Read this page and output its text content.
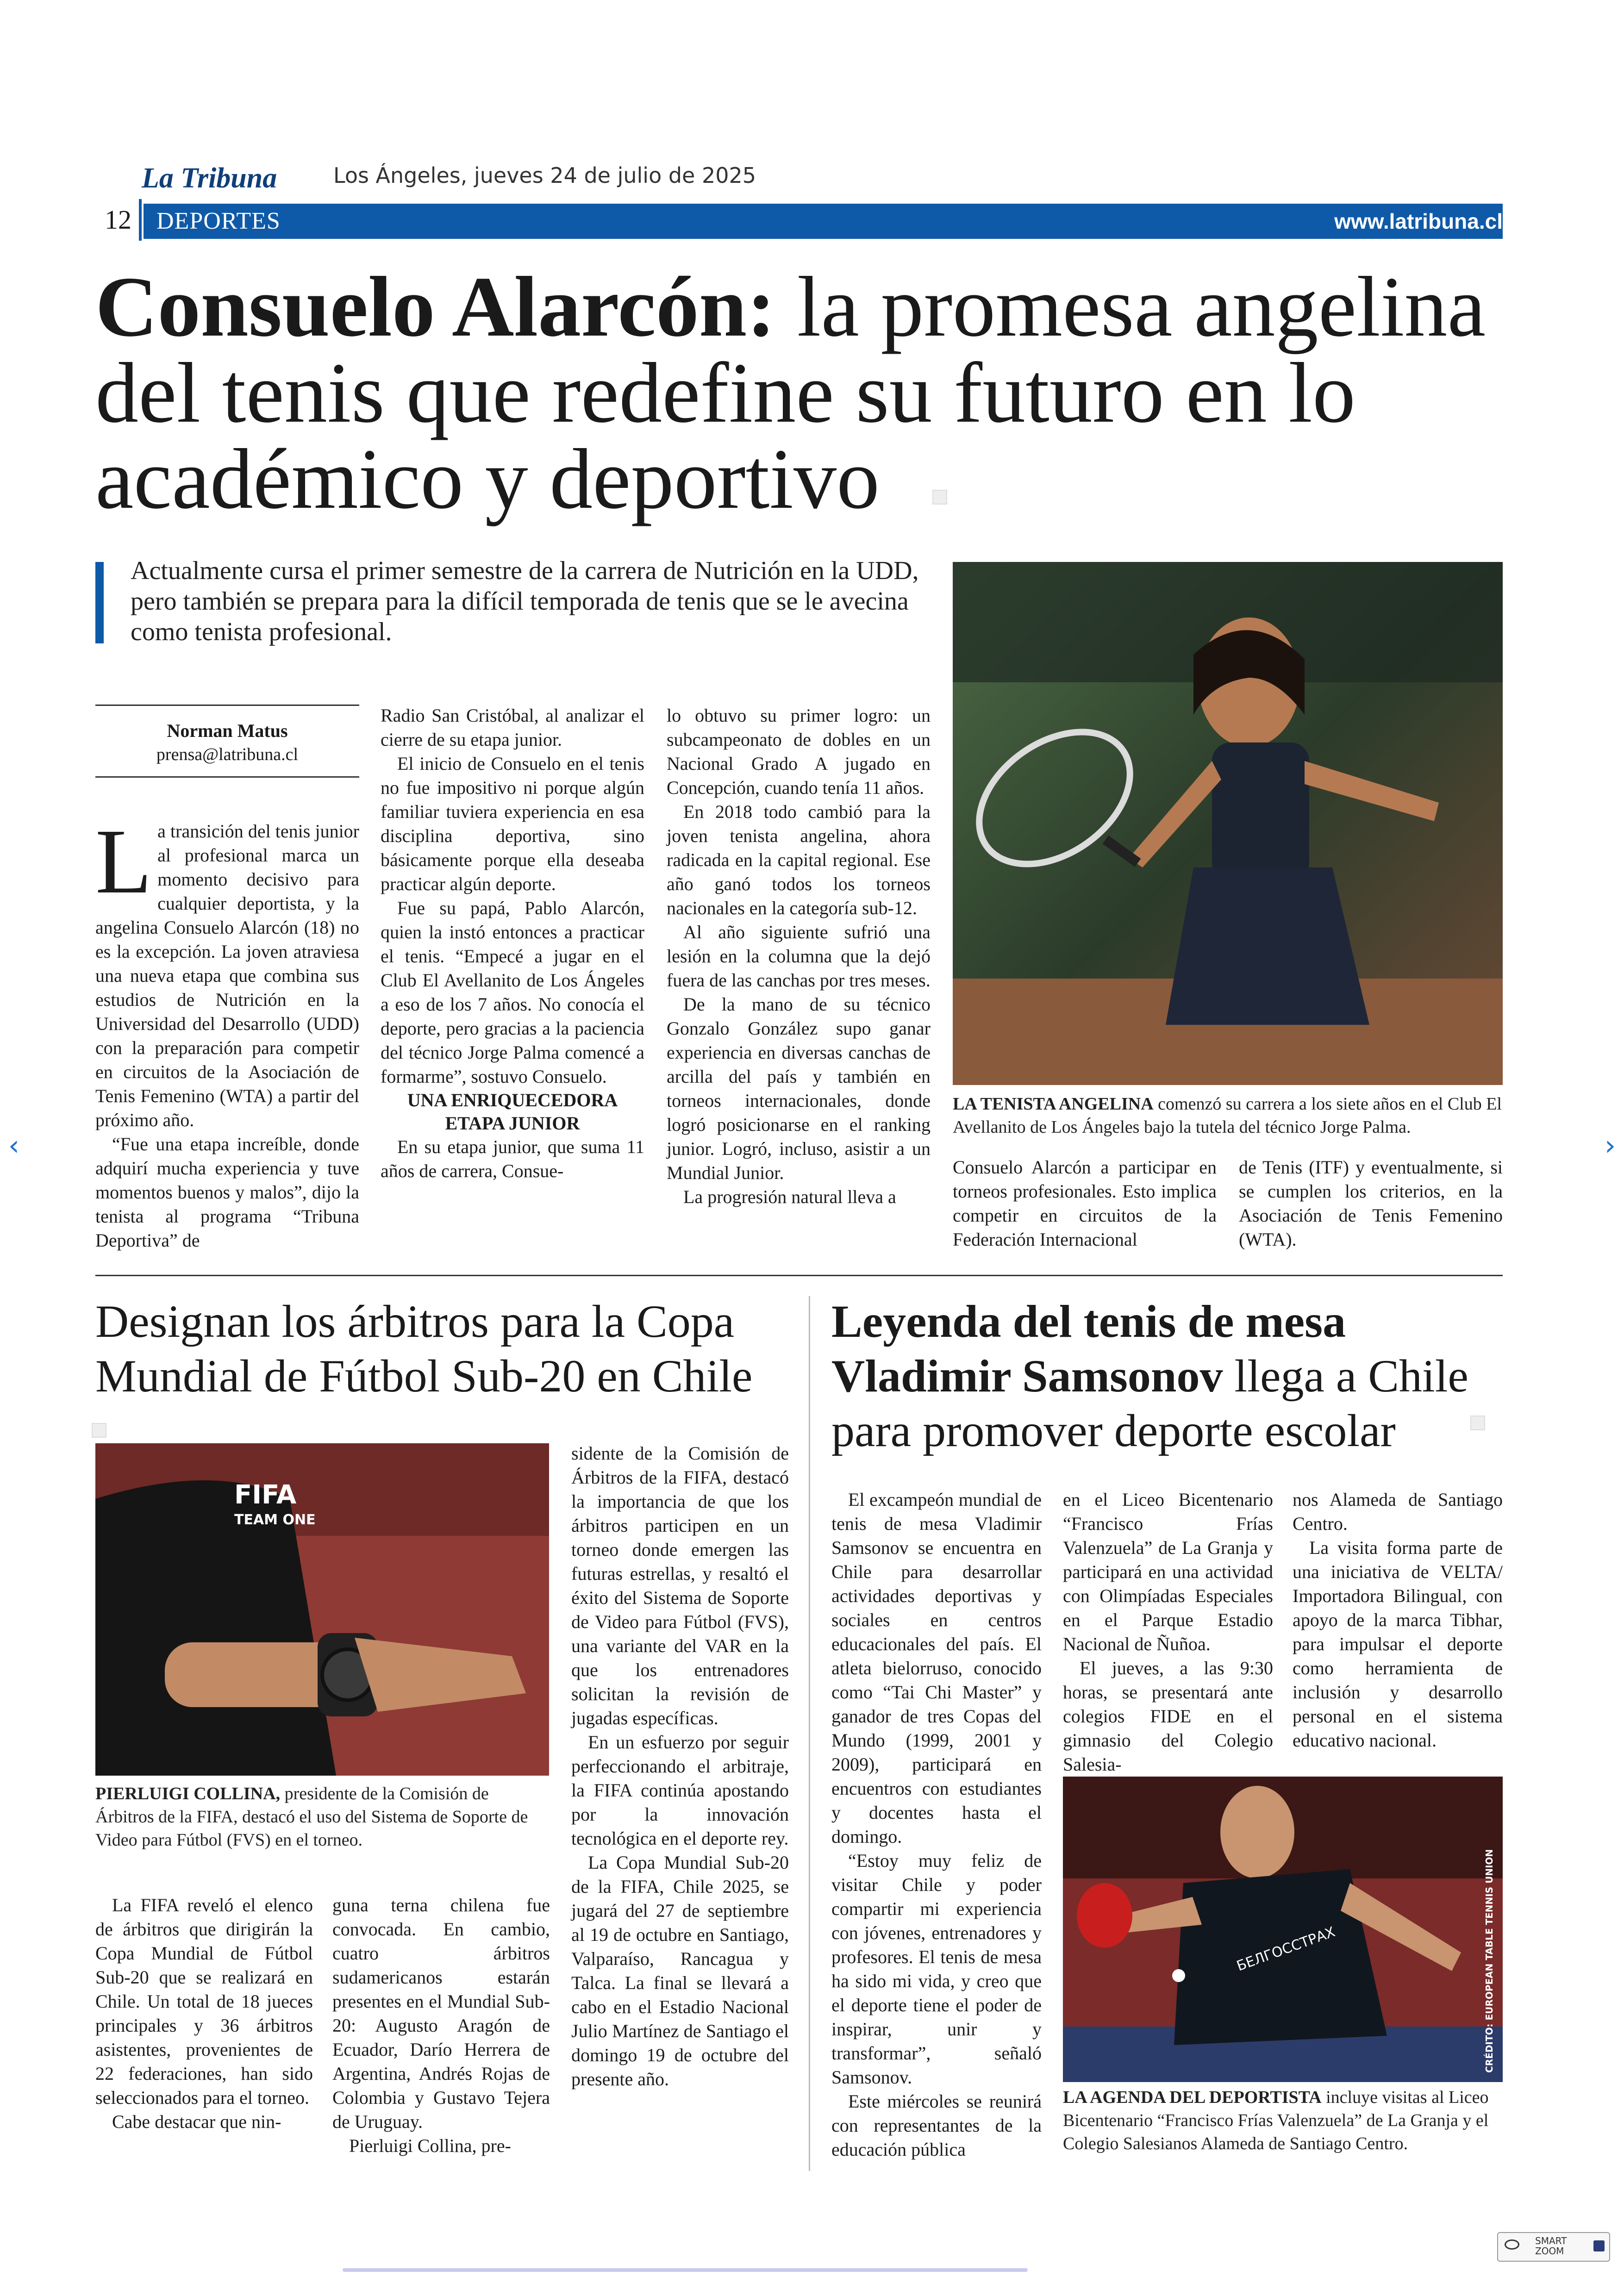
La Tribuna	Los Ángeles, jueves 24 de julio de 2025
12	DEPORTES	www.latribuna.cl
Consuelo Alarcón: la promesa angelina
del tenis que redefine su futuro en lo
académico y deportivo
Actualmente cursa el primer semestre de la carrera de Nutrición en la UDD, pero también se prepara para la difícil temporada de tenis que se le avecina como tenista profesional.
Norman Matus
prensa@latribuna.cl

La transición del tenis junior al profesional marca un momento decisivo para cualquier deportista, y la angelina Consuelo Alarcón (18) no es la excepción. La joven atraviesa una nueva etapa que combina sus estudios de Nutrición en la Universidad del Desarrollo (UDD) con la preparación para competir en circuitos de la Asociación de Tenis Femenino (WTA) a partir del próximo año.

“Fue una etapa increíble, donde adquirí mucha experiencia y tuve momentos buenos y malos”, dijo la tenista al programa “Tribuna Deportiva” de

Radio San Cristóbal, al analizar el cierre de su etapa junior.

El inicio de Consuelo en el tenis no fue impositivo ni porque algún familiar tuviera experiencia en esa disciplina deportiva, sino básicamente porque ella deseaba practicar algún deporte.

Fue su papá, Pablo Alarcón, quien la instó entonces a practicar el tenis. “Empecé a jugar en el Club El Avellanito de Los Ángeles a eso de los 7 años. No conocía el deporte, pero gracias a la paciencia del técnico Jorge Palma comencé a formarme”, sostuvo Consuelo.

UNA ENRIQUECEDORA ETAPA JUNIOR

En su etapa junior, que suma 11 años de carrera, Consue-

lo obtuvo su primer logro: un subcampeonato de dobles en un Nacional Grado A jugado en Concepción, cuando tenía 11 años.

En 2018 todo cambió para la joven tenista angelina, ahora radicada en la capital regional. Ese año ganó todos los torneos nacionales en la categoría sub-12.

Al año siguiente sufrió una lesión en la columna que la dejó fuera de las canchas por tres meses.

De la mano de su técnico Gonzalo González supo ganar experiencia en diversas canchas de arcilla del país y también en torneos internacionales, donde logró posicionarse en el ranking junior. Logró, incluso, asistir a un Mundial Junior.

La progresión natural lleva a

LA TENISTA ANGELINA comenzó su carrera a los siete años en el Club El Avellanito de Los Ángeles bajo la tutela del técnico Jorge Palma.

Consuelo Alarcón a participar en torneos profesionales. Esto implica competir en circuitos de la Federación Internacional

de Tenis (ITF) y eventualmente, si se cumplen los criterios, en la Asociación de Tenis Femenino (WTA).

Designan los árbitros para la Copa
Mundial de Fútbol Sub-20 en Chile
FIFA
TEAM ONE
PIERLUIGI COLLINA, presidente de la Comisión de Árbitros de la FIFA, destacó el uso del Sistema de Soporte de Video para Fútbol (FVS) en el torneo.

La FIFA reveló el elenco de árbitros que dirigirán la Copa Mundial de Fútbol Sub-20 que se realizará en Chile. Un total de 18 jueces principales y 36 árbitros asistentes, provenientes de 22 federaciones, han sido seleccionados para el torneo.

Cabe destacar que nin-

guna terna chilena fue convocada. En cambio, cuatro árbitros sudamericanos estarán presentes en el Mundial Sub-20: Augusto Aragón de Ecuador, Darío Herrera de Argentina, Andrés Rojas de Colombia y Gustavo Tejera de Uruguay.

Pierluigi Collina, pre-

sidente de la Comisión de Árbitros de la FIFA, destacó la importancia de que los árbitros participen en un torneo donde emergen las futuras estrellas, y resaltó el éxito del Sistema de Soporte de Video para Fútbol (FVS), una variante del VAR en la que los entrenadores solicitan la revisión de jugadas específicas.

En un esfuerzo por seguir perfeccionando el arbitraje, la FIFA continúa apostando por la innovación tecnológica en el deporte rey.

La Copa Mundial Sub-20 de la FIFA, Chile 2025, se jugará del 27 de septiembre al 19 de octubre en Santiago, Valparaíso, Rancagua y Talca. La final se llevará a cabo en el Estadio Nacional Julio Martínez de Santiago el domingo 19 de octubre del presente año.

Leyenda del tenis de mesa
Vladimir Samsonov llega a Chile
para promover deporte escolar

El excampeón mundial de tenis de mesa Vladimir Samsonov se encuentra en Chile para desarrollar actividades deportivas y sociales en centros educacionales del país. El atleta bielorruso, conocido como “Tai Chi Master” y ganador de tres Copas del Mundo (1999, 2001 y 2009), participará en encuentros con estudiantes y docentes hasta el domingo.

“Estoy muy feliz de visitar Chile y poder compartir mi experiencia con jóvenes, entrenadores y profesores. El tenis de mesa ha sido mi vida, y creo que el deporte tiene el poder de inspirar, unir y transformar”, señaló Samsonov.

Este miércoles se reunirá con representantes de la educación pública

en el Liceo Bicentenario “Francisco Frías Valenzuela” de La Granja y participará en una actividad con Olimpíadas Especiales en el Parque Estadio Nacional de Ñuñoa.

El jueves, a las 9:30 horas, se presentará ante colegios FIDE en el gimnasio del Colegio Salesia-

nos Alameda de Santiago Centro.

La visita forma parte de una iniciativa de VELTA/ Importadora Bilingual, con apoyo de la marca Tibhar, para impulsar el deporte como herramienta de inclusión y desarrollo personal en el sistema educativo nacional.

БЕЛГОССТРАХ	CRÉDITO: EUROPEAN TABLE TENNIS UNION
LA AGENDA DEL DEPORTISTA incluye visitas al Liceo Bicentenario “Francisco Frías Valenzuela” de La Granja y el Colegio Salesianos Alameda de Santiago Centro.
‹	›
SMART
ZOOM
